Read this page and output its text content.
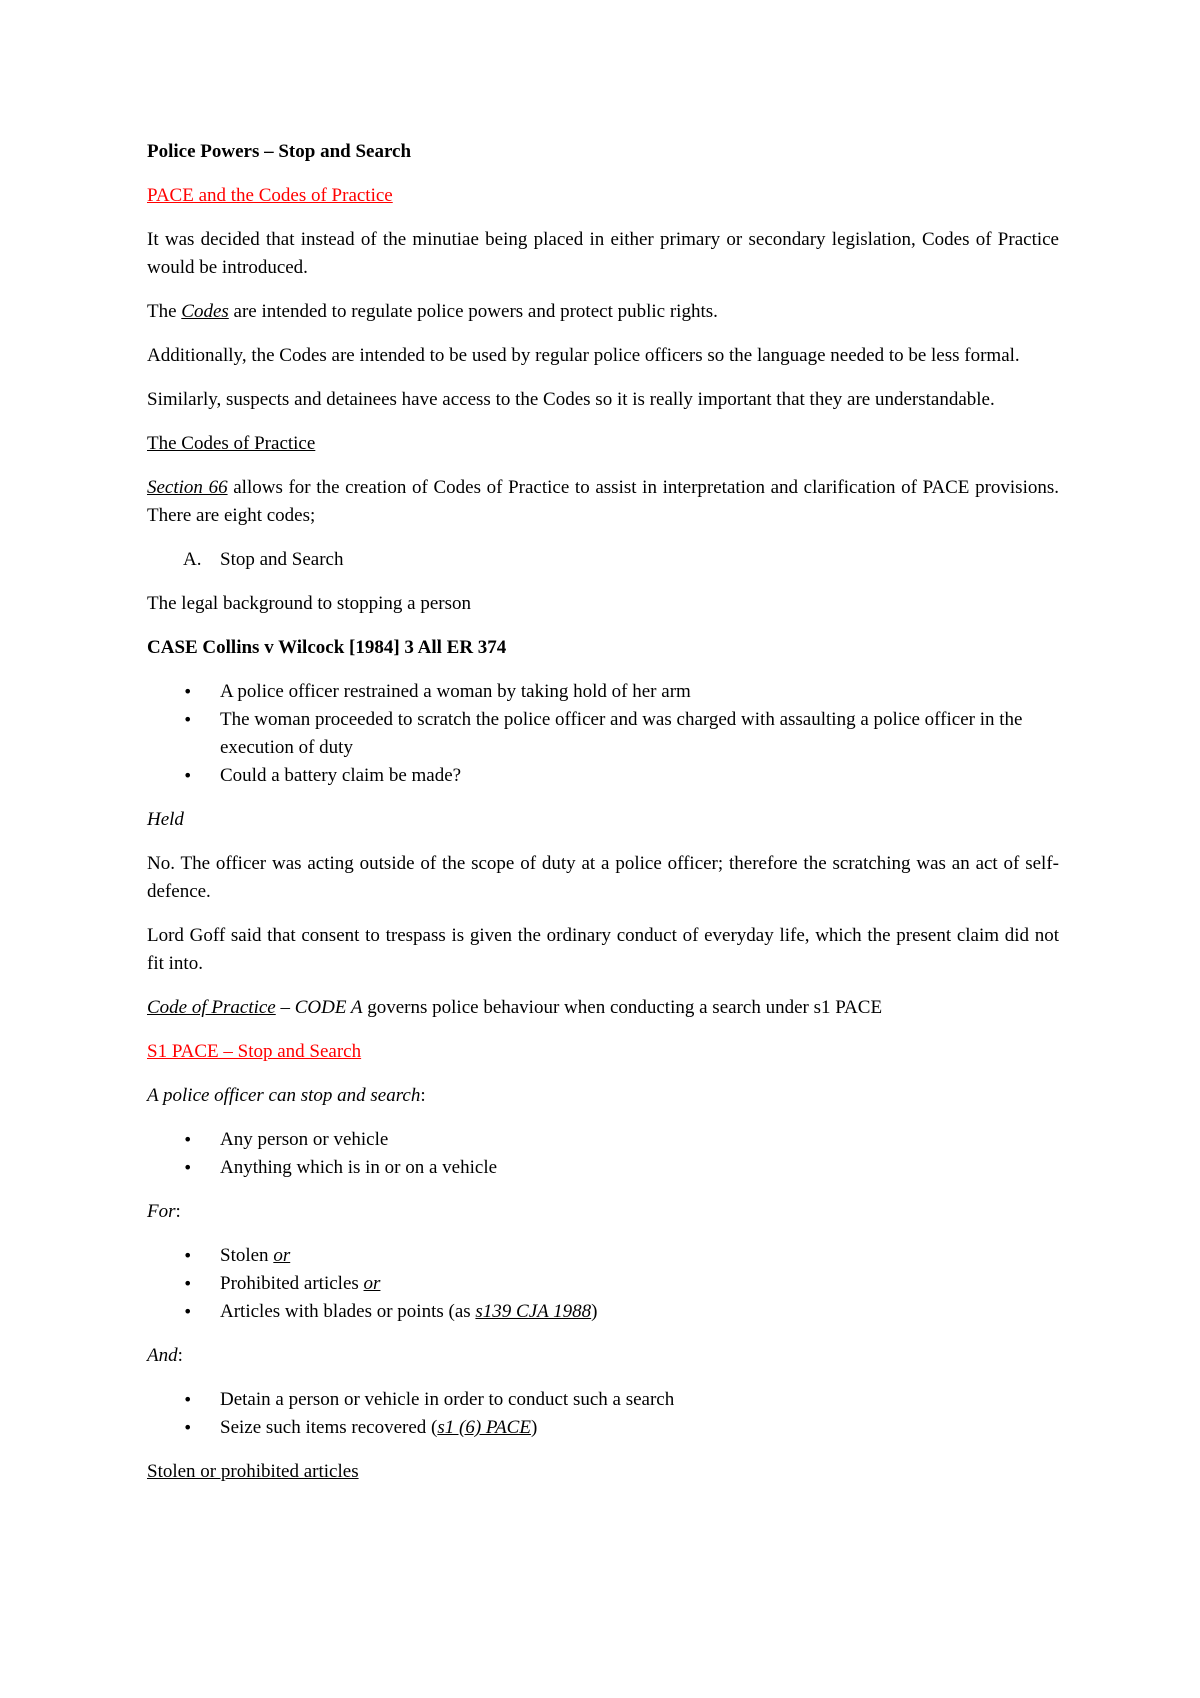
Police Powers – Stop and Search

PACE and the Codes of Practice

It was decided that instead of the minutiae being placed in either primary or secondary legislation, Codes of Practice would be introduced.

The Codes are intended to regulate police powers and protect public rights.

Additionally, the Codes are intended to be used by regular police officers so the language needed to be less formal.

Similarly, suspects and detainees have access to the Codes so it is really important that they are understandable.

The Codes of Practice

Section 66 allows for the creation of Codes of Practice to assist in interpretation and clarification of PACE provisions. There are eight codes;

A. Stop and Search

The legal background to stopping a person

CASE Collins v Wilcock [1984] 3 All ER 374

• A police officer restrained a woman by taking hold of her arm
• The woman proceeded to scratch the police officer and was charged with assaulting a police officer in the execution of duty
• Could a battery claim be made?

Held

No. The officer was acting outside of the scope of duty at a police officer; therefore the scratching was an act of self-defence.

Lord Goff said that consent to trespass is given the ordinary conduct of everyday life, which the present claim did not fit into.

Code of Practice – CODE A governs police behaviour when conducting a search under s1 PACE

S1 PACE – Stop and Search

A police officer can stop and search:

• Any person or vehicle
• Anything which is in or on a vehicle

For:

• Stolen or
• Prohibited articles or
• Articles with blades or points (as s139 CJA 1988)

And:

• Detain a person or vehicle in order to conduct such a search
• Seize such items recovered (s1 (6) PACE)

Stolen or prohibited articles
